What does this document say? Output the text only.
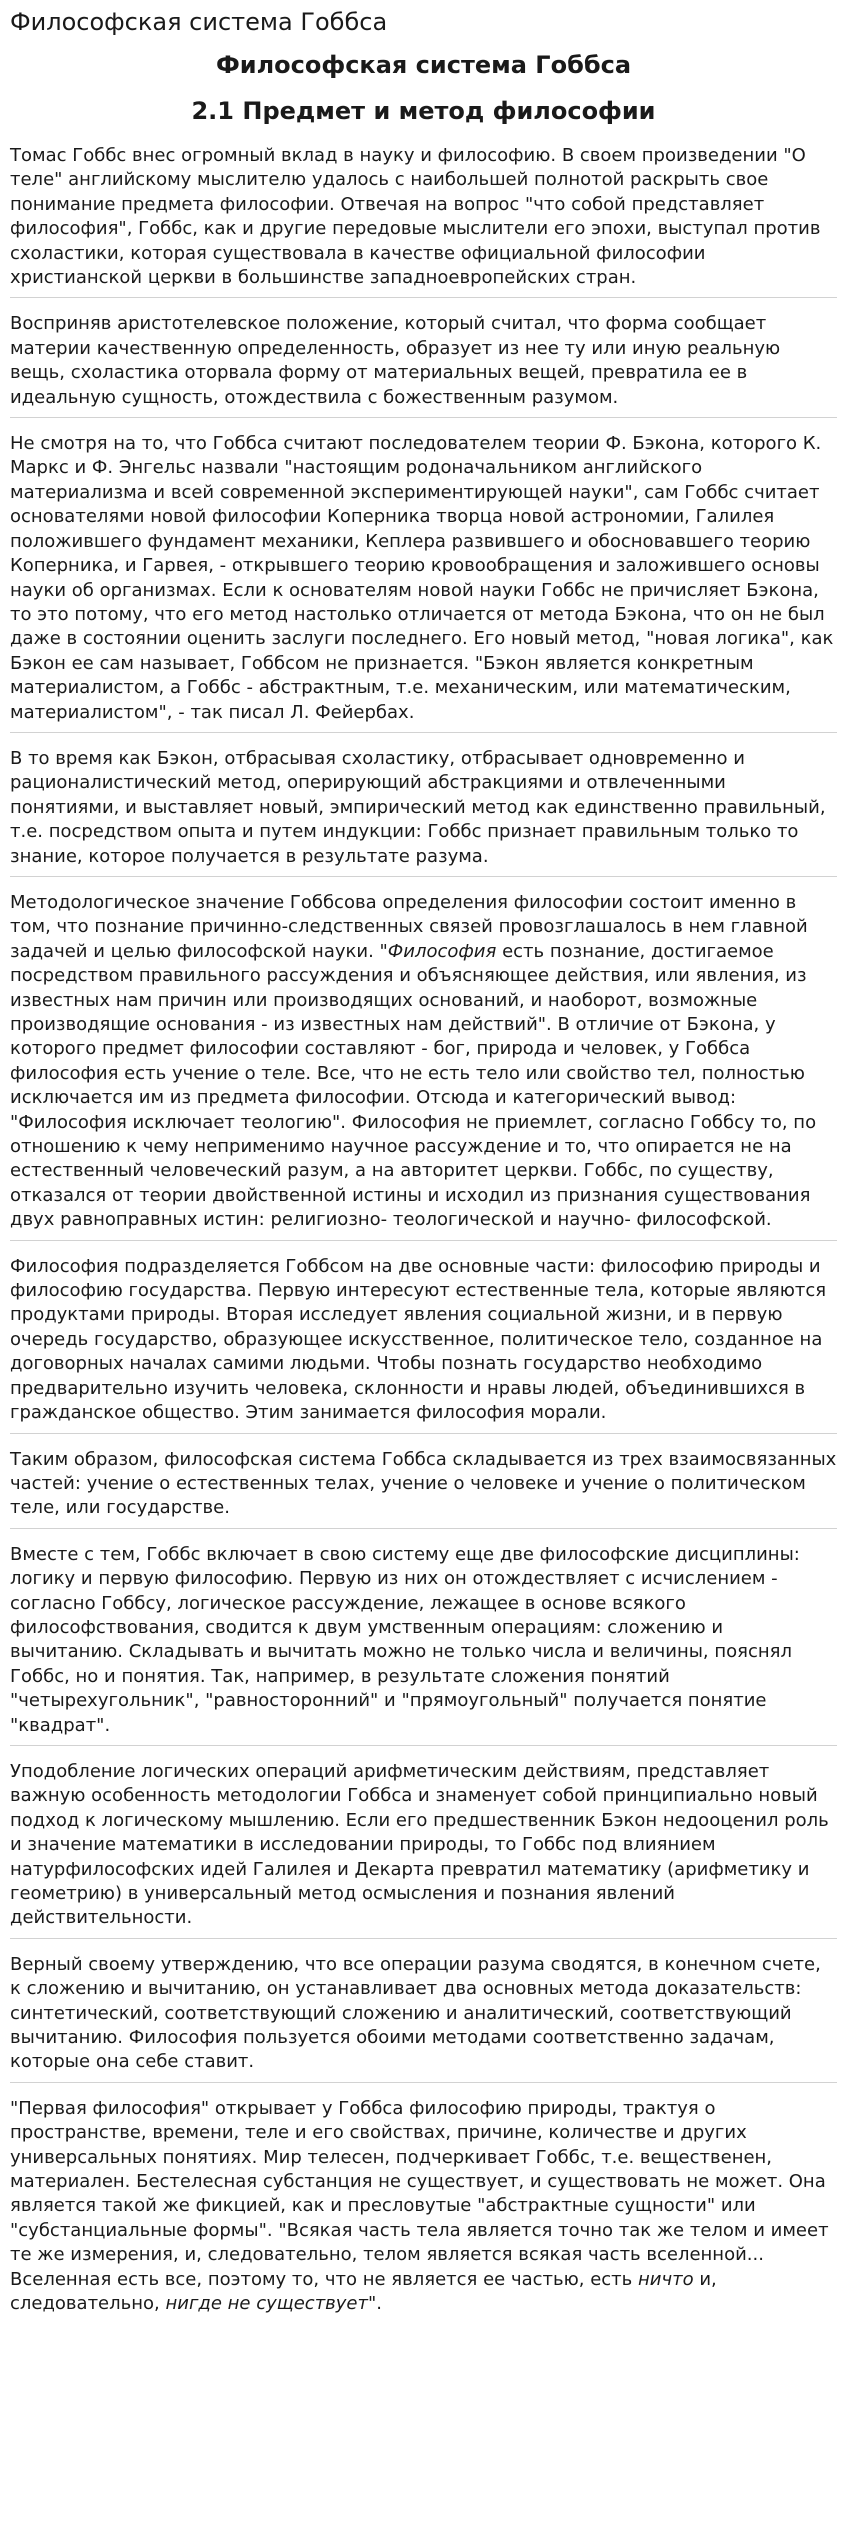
Философская система Гоббса
Философская система Гоббса
2.1 Предмет и метод философии

Томас Гоббс внес огромный вклад в науку и философию. В своем произведении "О теле" английскому мыслителю удалось с наибольшей полнотой раскрыть свое понимание предмета философии. Отвечая на вопрос "что собой представляет философия", Гоббс, как и другие передовые мыслители его эпохи, выступал против схоластики, которая существовала в качестве официальной философии христианской церкви в большинстве западноевропейских стран.

Восприняв аристотелевское положение, который считал, что форма сообщает материи качественную определенность, образует из нее ту или иную реальную вещь, схоластика оторвала форму от материальных вещей, превратила ее в идеальную сущность, отождествила с божественным разумом.

Не смотря на то, что Гоббса считают последователем теории Ф. Бэкона, которого К. Маркс и Ф. Энгельс назвали "настоящим родоначальником английского материализма и всей современной экспериментирующей науки", сам Гоббс считает основателями новой философии Коперника творца новой астрономии, Галилея положившего фундамент механики, Кеплера развившего и обосновавшего теорию Коперника, и Гарвея, - открывшего теорию кровообращения и заложившего основы науки об организмах. Если к основателям новой науки Гоббс не причисляет Бэкона, то это потому, что его метод настолько отличается от метода Бэкона, что он не был даже в состоянии оценить заслуги последнего. Его новый метод, "новая логика", как Бэкон ее сам называет, Гоббсом не признается. "Бэкон является конкретным материалистом, а Гоббс - абстрактным, т.е. механическим, или математическим, материалистом", - так писал Л. Фейербах.

В то время как Бэкон, отбрасывая схоластику, отбрасывает одновременно и рационалистический метод, оперирующий абстракциями и отвлеченными понятиями, и выставляет новый, эмпирический метод как единственно правильный, т.е. посредством опыта и путем индукции: Гоббс признает правильным только то знание, которое получается в результате разума.

Методологическое значение Гоббсова определения философии состоит именно в том, что познание причинно-следственных связей провозглашалось в нем главной задачей и целью философской науки. "Философия есть познание, достигаемое посредством правильного рассуждения и объясняющее действия, или явления, из известных нам причин или производящих оснований, и наоборот, возможные производящие основания - из известных нам действий". В отличие от Бэкона, у которого предмет философии составляют - бог, природа и человек, у Гоббса философия есть учение о теле. Все, что не есть тело или свойство тел, полностью исключается им из предмета философии. Отсюда и категорический вывод: "Философия исключает теологию". Философия не приемлет, согласно Гоббсу то, по отношению к чему неприменимо научное рассуждение и то, что опирается не на естественный человеческий разум, а на авторитет церкви. Гоббс, по существу, отказался от теории двойственной истины и исходил из признания существования двух равноправных истин: религиозно- теологической и научно- философской.

Философия подразделяется Гоббсом на две основные части: философию природы и философию государства. Первую интересуют естественные тела, которые являются продуктами природы. Вторая исследует явления социальной жизни, и в первую очередь государство, образующее искусственное, политическое тело, созданное на договорных началах самими людьми. Чтобы познать государство необходимо предварительно изучить человека, склонности и нравы людей, объединившихся в гражданское общество. Этим занимается философия морали.

Таким образом, философская система Гоббса складывается из трех взаимосвязанных частей: учение о естественных телах, учение о человеке и учение о политическом теле, или государстве.

Вместе с тем, Гоббс включает в свою систему еще две философские дисциплины: логику и первую философию. Первую из них он отождествляет с исчислением - согласно Гоббсу, логическое рассуждение, лежащее в основе всякого философствования, сводится к двум умственным операциям: сложению и вычитанию. Складывать и вычитать можно не только числа и величины, пояснял Гоббс, но и понятия. Так, например, в результате сложения понятий "четырехугольник", "равносторонний" и "прямоугольный" получается понятие "квадрат".

Уподобление логических операций арифметическим действиям, представляет важную особенность методологии Гоббса и знаменует собой принципиально новый подход к логическому мышлению. Если его предшественник Бэкон недооценил роль и значение математики в исследовании природы, то Гоббс под влиянием натурфилософских идей Галилея и Декарта превратил математику (арифметику и геометрию) в универсальный метод осмысления и познания явлений действительности.

Верный своему утверждению, что все операции разума сводятся, в конечном счете, к сложению и вычитанию, он устанавливает два основных метода доказательств: синтетический, соответствующий сложению и аналитический, соответствующий вычитанию. Философия пользуется обоими методами соответственно задачам, которые она себе ставит.

"Первая философия" открывает у Гоббса философию природы, трактуя о пространстве, времени, теле и его свойствах, причине, количестве и других универсальных понятиях. Мир телесен, подчеркивает Гоббс, т.е. вещественен, материален. Бестелесная субстанция не существует, и существовать не может. Она является такой же фикцией, как и пресловутые "абстрактные сущности" или "субстанциальные формы". "Всякая часть тела является точно так же телом и имеет те же измерения, и, следовательно, телом является всякая часть вселенной... Вселенная есть все, поэтому то, что не является ее частью, есть ничто и, следовательно, нигде не существует".
